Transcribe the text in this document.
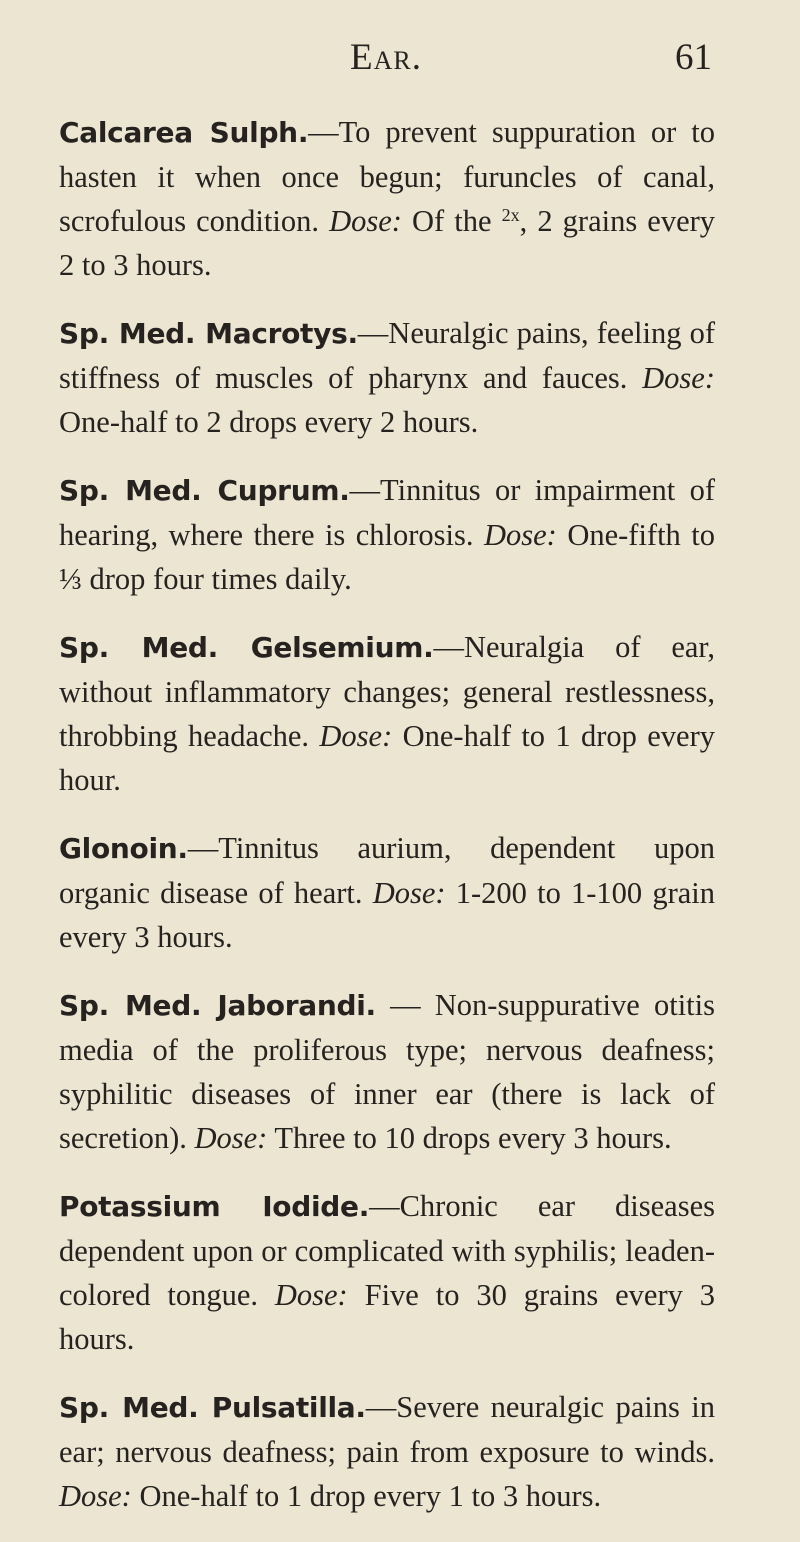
Ear.	61

Calcarea Sulph.—To prevent suppuration or to hasten it when once begun; furuncles of canal, scrofulous condition. Dose: Of the $^{2x}$, 2 grains every 2 to 3 hours.

Sp. Med. Macrotys.—Neuralgic pains, feeling of stiffness of muscles of pharynx and fauces. Dose: One-half to 2 drops every 2 hours.

Sp. Med. Cuprum.—Tinnitus or impairment of hearing, where there is chlorosis. Dose: One-fifth to ⅓ drop four times daily.

Sp. Med. Gelsemium.—Neuralgia of ear, without inflammatory changes; general restlessness, throbbing headache. Dose: One-half to 1 drop every hour.

Glonoin.—Tinnitus aurium, dependent upon organic disease of heart. Dose: 1-200 to 1-100 grain every 3 hours.

Sp. Med. Jaborandi. — Non-suppurative otitis media of the proliferous type; nervous deafness; syphilitic diseases of inner ear (there is lack of secretion). Dose: Three to 10 drops every 3 hours.

Potassium Iodide.—Chronic ear diseases dependent upon or complicated with syphilis; leaden-colored tongue. Dose: Five to 30 grains every 3 hours.

Sp. Med. Pulsatilla.—Severe neuralgic pains in ear; nervous deafness; pain from exposure to winds. Dose: One-half to 1 drop every 1 to 3 hours.
